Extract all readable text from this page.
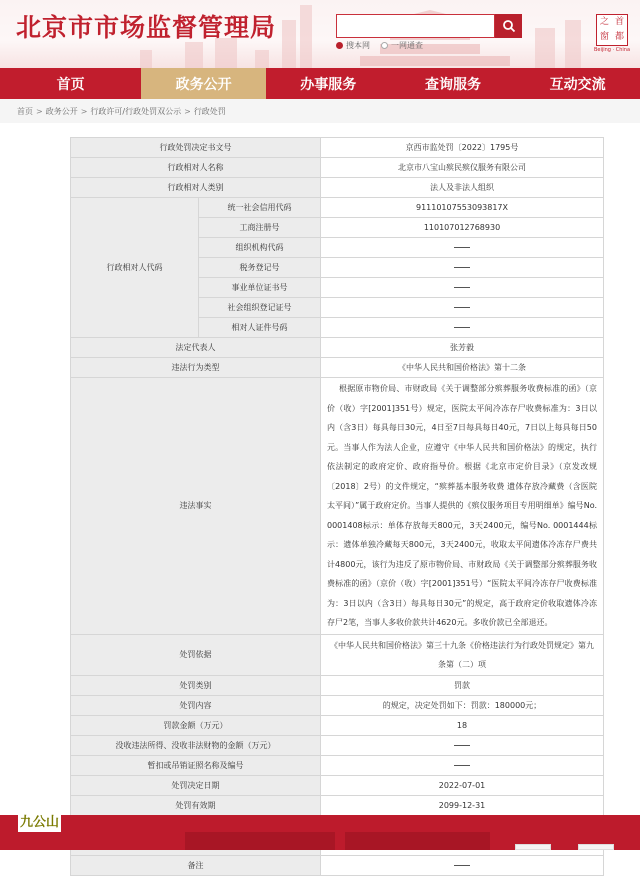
北京市市场监督管理局
搜本网	一网通查
之 首
窗 都
Beijing · China
首页	政务公开	办事服务	查询服务	互动交流
首页 > 政务公开 > 行政许可/行政处罚双公示 > 行政处罚
行政处罚决定书文号		京西市监处罚〔2022〕1795号
行政相对人名称		北京市八宝山殡民殡仪服务有限公司
行政相对人类别		法人及非法人组织
行政相对人代码	统一社会信用代码	91110107553093817X
	工商注册号	110107012768930
	组织机构代码	
	税务登记号	
	事业单位证书号	
	社会组织登记证号	
	相对人证件号码	
法定代表人		张芳毅
违法行为类型		《中华人民共和国价格法》第十二条
违法事实		根据原市物价局、市财政局《关于调整部分殡葬服务收费标准的函》（京价（收）字[2001]351号）规定，医院太平间冷冻存尸收费标准为：3日以内（含3日）每具每日30元，4日至7日每具每日40元，7日以上每具每日50元。当事人作为法人企业，应遵守《中华人民共和国价格法》的规定，执行依法制定的政府定价、政府指导价。根据《北京市定价目录》（京发改规〔2018〕2号）的文件规定，“殡葬基本服务收费 遗体存放冷藏费（含医院太平间）”属于政府定价。当事人提供的《殡仪服务项目专用明细单》编号No. 0001408标示：单体存放每天800元，3天2400元，编号No. 0001444标示：遗体单独冷藏每天800元，3天2400元，收取太平间遗体冷冻存尸费共计4800元，该行为违反了原市物价局、市财政局《关于调整部分殡葬服务收费标准的函》（京价（收）字[2001]351号）“医院太平间冷冻存尸收费标准为：3日以内（含3日）每具每日30元”的规定，高于政府定价收取遗体冷冻存尸2笔，当事人多收价款共计4620元。多收价款已全部退还。

处罚依据		《中华人民共和国价格法》第三十九条《价格违法行为行政处罚规定》第九条第（二）项
处罚类别		罚款
处罚内容		的规定，决定处罚如下：罚款：180000元；
罚款金额（万元）		18
没收违法所得、没收非法财物的金额（万元）		
暂扣或吊销证照名称及编号		
处罚决定日期		2022-07-01
处罚有效期		2099-12-31

备注		
九公山
